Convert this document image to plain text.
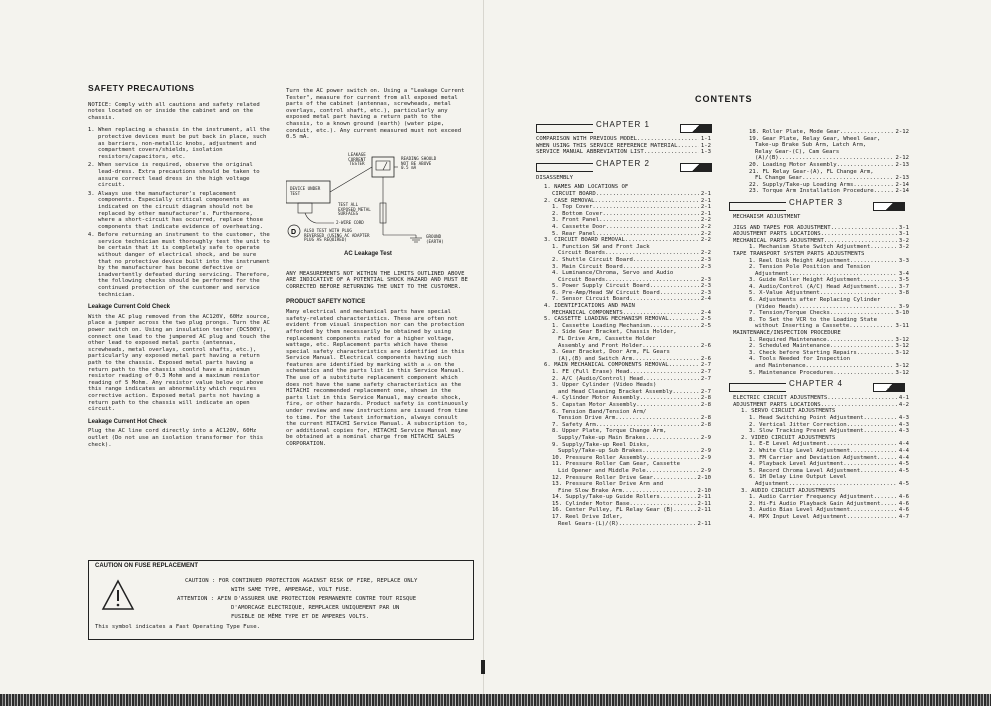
SAFETY PRECAUTIONS

NOTICE: Comply with all cautions and safety related notes located on or inside the cabinet and on the chassis.

1. When replacing a chassis in the instrument, all the protective devices must be put back in place, such as barriers, non-metallic knobs, adjustment and compartment covers/shields, isolation resistors/capacitors, etc.
2. When service is required, observe the original lead-dress. Extra precautions should be taken to assure correct lead dress in the high voltage circuit.
3. Always use the manufacturer's replacement components. Especially critical components as indicated on the circuit diagram should not be replaced by other manufacturer's. Furthermore, where a short-circuit has occurred, replace those components that indicate evidence of overheating.
4. Before returning an instrument to the customer, the service technician must thoroughly test the unit to be certain that it is completely safe to operate without danger of electrical shock, and be sure that no protective device built into the instrument by the manufacturer has become defective or inadvertently defeated during servicing. Therefore, the following checks should be performed for the continued protection of the customer and service technician.
Leakage Current Cold Check

With the AC plug removed from the AC120V, 60Hz source, place a jumper across the two plug prongs. Turn the AC power switch on. Using an insulation tester (DC500V), connect one lead to the jumpered AC plug and touch the other lead to exposed metal parts (antennas, screwheads, metal overlays, control shafts, etc.), particularly any exposed metal part having a return path to the chassis. Exposed metal parts having a return path to the chassis should have a minimum resistor reading of 0.3 Mohm and a maximum resistor reading of 5 Mohm. Any resistor value below or above this range indicates an abnormality which requires corrective action. Exposed metal parts not having a return path to the chassis will indicate an open circuit.

Leakage Current Hot Check

Plug the AC line cord directly into a AC120V, 60Hz outlet (Do not use an isolation transformer for this check).

Turn the AC power switch on. Using a "Leakage Current Tester", measure for current from all exposed metal parts of the cabinet (antennas, screwheads, metal overlays, control shaft, etc.), particularly any exposed metal part having a return path to the chassis, to a known ground (earth) (water pipe, conduit, etc.). Any current measured must not exceed 0.5 mA.

D
LEAKAGE CURRENT TESTER
READING SHOULD NOT BE ABOVE 0.5 mA
DEVICE UNDER TEST
TEST ALL EXPOSED METAL SURFACES
2-WIRE CORD
ALSO TEST WITH PLUG REVERSED (USING AC ADAPTER PLUG AS REQUIRED)
GROUND (EARTH)
AC Leakage Test

ANY MEASUREMENTS NOT WITHIN THE LIMITS OUTLINED ABOVE ARE INDICATIVE OF A POTENTIAL SHOCK HAZARD AND MUST BE CORRECTED BEFORE RETURNING THE UNIT TO THE CUSTOMER.

PRODUCT SAFETY NOTICE

Many electrical and mechanical parts have special safety-related characteristics. These are often not evident from visual inspection nor can the protection afforded by them necessarily be obtained by using replacement components rated for a higher voltage, wattage, etc. Replacement parts which have these special safety characteristics are identified in this Service Manual. Electrical components having such features are identified by marking with a ⚠ on the schematics and the parts list in this Service Manual. The use of a substitute replacement component which does not have the same safety characteristics as the HITACHI recommended replacement one, shown in the parts list in this Service Manual, may create shock, fire, or other hazards. Product safety is continuously under review and new instructions are issued from time to time. For the latest information, always consult the current HITACHI Service Manual. A subscription to, or additional copies for, HITACHI Service Manual may be obtained at a nominal charge from HITACHI SALES CORPORATION.

CAUTION ON FUSE REPLACEMENT
CAUTION : FOR CONTINUED PROTECTION AGAINST RISK OF FIRE, REPLACE ONLY
WITH SAME TYPE, AMPERAGE, VOLT FUSE.
ATTENTION : AFIN D'ASSURER UNE PROTECTION PERMANENTE CONTRE TOUT RISQUE
D'AMORCAGE ELECTRIQUE, REMPLACER UNIQUEMENT PAR UN
FUSIBLE DE MÊME TYPE ET DE AMPERES VOLTS.
This symbol indicates a Fast Operating Type Fuse.
CONTENTS
CHAPTER 1
COMPARISON WITH PREVIOUS MODEL .....	1-1
WHEN USING THIS SERVICE REFERENCE MATERIAL .....	1-2
SERVICE MANUAL ABBREVIATION LIST .....	1-3
CHAPTER 2
DISASSEMBLY
1. NAMES AND LOCATIONS OF
CIRCUIT BOARD .....	2-1
2. CASE REMOVAL .....	2-1
1. Top Cover .....	2-1
2. Bottom Cover .....	2-1
3. Front Panel .....	2-2
4. Cassette Door .....	2-2
5. Rear Panel .....	2-2
3. CIRCUIT BOARD REMOVAL .....	2-2
1. Function SW and Front Jack
Circuit Boards .....	2-2
2. Shuttle Circuit Board .....	2-3
3. Main Circuit Board .....	2-3
4. Luminance/Chroma, Servo and Audio
Circuit Boards .....	2-3
5. Power Supply Circuit Board .....	2-3
6. Pre-Amp/Head SW Circuit Board .....	2-3
7. Sensor Circuit Board .....	2-4
4. IDENTIFICATIONS AND MAIN
MECHANICAL COMPONENTS .....	2-4
5. CASSETTE LOADING MECHANISM REMOVAL .....	2-5
1. Cassette Loading Mechanism .....	2-5
2. Side Gear Bracket, Chassis Holder,
FL Drive Arm, Cassette Holder
Assembly and Front Holder .....	2-6
3. Gear Bracket, Door Arm, FL Gears
(A),(B) and Switch Arm .....	2-6
6. MAIN MECHANICAL COMPONENTS REMOVAL .....	2-7
1. FE (Full Erase) Head .....	2-7
2. A/C (Audio/Control) Head .....	2-7
3. Upper Cylinder (Video Heads)
and Head Cleaning Bracket Assembly .....	2-7
4. Cylinder Motor Assembly .....	2-8
5. Capstan Motor Assembly .....	2-8
6. Tension Band/Tension Arm/
Tension Drive Arm .....	2-8
7. Safety Arm .....	2-8
8. Upper Plate, Torque Change Arm,
Supply/Take-up Main Brakes .....	2-9
9. Supply/Take-up Reel Disks,
Supply/Take-up Sub Brakes .....	2-9
10. Pressure Roller Assembly .....	2-9
11. Pressure Roller Cam Gear, Cassette
Lid Opener and Middle Pole .....	2-9
12. Pressure Roller Drive Gear .....	2-10
13. Pressure Roller Drive Arm and
Fine Slow Brake Arm .....	2-10
14. Supply/Take-up Guide Rollers .....	2-11
15. Cylinder Motor Base .....	2-11
16. Center Pulley, FL Relay Gear (B) .....	2-11
17. Reel Drive Idler,
Reel Gears-(L)/(R) .....	2-11
18. Roller Plate, Mode Gear .....	2-12
19. Gear Plate, Relay Gear, Wheel Gear,
Take-up Brake Sub Arm, Latch Arm,
Relay Gear-(C), Cam Gears
(A)/(B) .....	2-12
20. Loading Motor Assembly .....	2-13
21. FL Relay Gear-(A), FL Change Arm,
FL Change Gear .....	2-13
22. Supply/Take-up Loading Arms .....	2-14
23. Torque Arm Installation Procedure .....	2-14
CHAPTER 3
MECHANISM ADJUSTMENT
JIGS AND TAPES FOR ADJUSTMENT .....	3-1
ADJUSTMENT PARTS LOCATIONS .....	3-1
MECHANICAL PARTS ADJUSTMENT .....	3-2
1. Mechanism State Switch Adjustment .....	3-2
TAPE TRANSPORT SYSTEM PARTS ADJUSTMENTS
1. Reel Disk Height Adjustment .....	3-3
2. Tension Pole Position and Tension
Adjustment .....	3-4
3. Guide Roller Height Adjustment .....	3-5
4. Audio/Control (A/C) Head Adjustment .....	3-7
5. X-Value Adjustment .....	3-8
6. Adjustments after Replacing Cylinder
(Video Heads) .....	3-9
7. Tension/Torque Checks .....	3-10
8. To Set the VCR to the Loading State
without Inserting a Cassette .....	3-11
MAINTENANCE/INSPECTION PROCEDURE
1. Required Maintenance .....	3-12
2. Scheduled Maintenance .....	3-12
3. Check before Starting Repairs .....	3-12
4. Tools Needed for Inspection
and Maintenance .....	3-12
5. Maintenance Procedures .....	3-12
CHAPTER 4
ELECTRIC CIRCUIT ADJUSTMENTS .....	4-1
ADJUSTMENT PARTS LOCATIONS .....	4-2
1. SERVO CIRCUIT ADJUSTMENTS
1. Head Switching Point Adjustment .....	4-3
2. Vertical Jitter Correction .....	4-3
3. Slow Tracking Preset Adjustment .....	4-3
2. VIDEO CIRCUIT ADJUSTMENTS
1. E-E Level Adjustment .....	4-4
2. White Clip Level Adjustment .....	4-4
3. FM Carrier and Deviation Adjustment .....	4-4
4. Playback Level Adjustment .....	4-5
5. Record Chroma Level Adjustment .....	4-5
6. 1H Delay Line Output Level
Adjustment .....	4-5
3. AUDIO CIRCUIT ADJUSTMENTS
1. Audio Carrier Frequency Adjustment .....	4-6
2. Hi-Fi Audio Playback Gain Adjustment .....	4-6
3. Audio Bias Level Adjustment .....	4-6
4. MPX Input Level Adjustment .....	4-7
